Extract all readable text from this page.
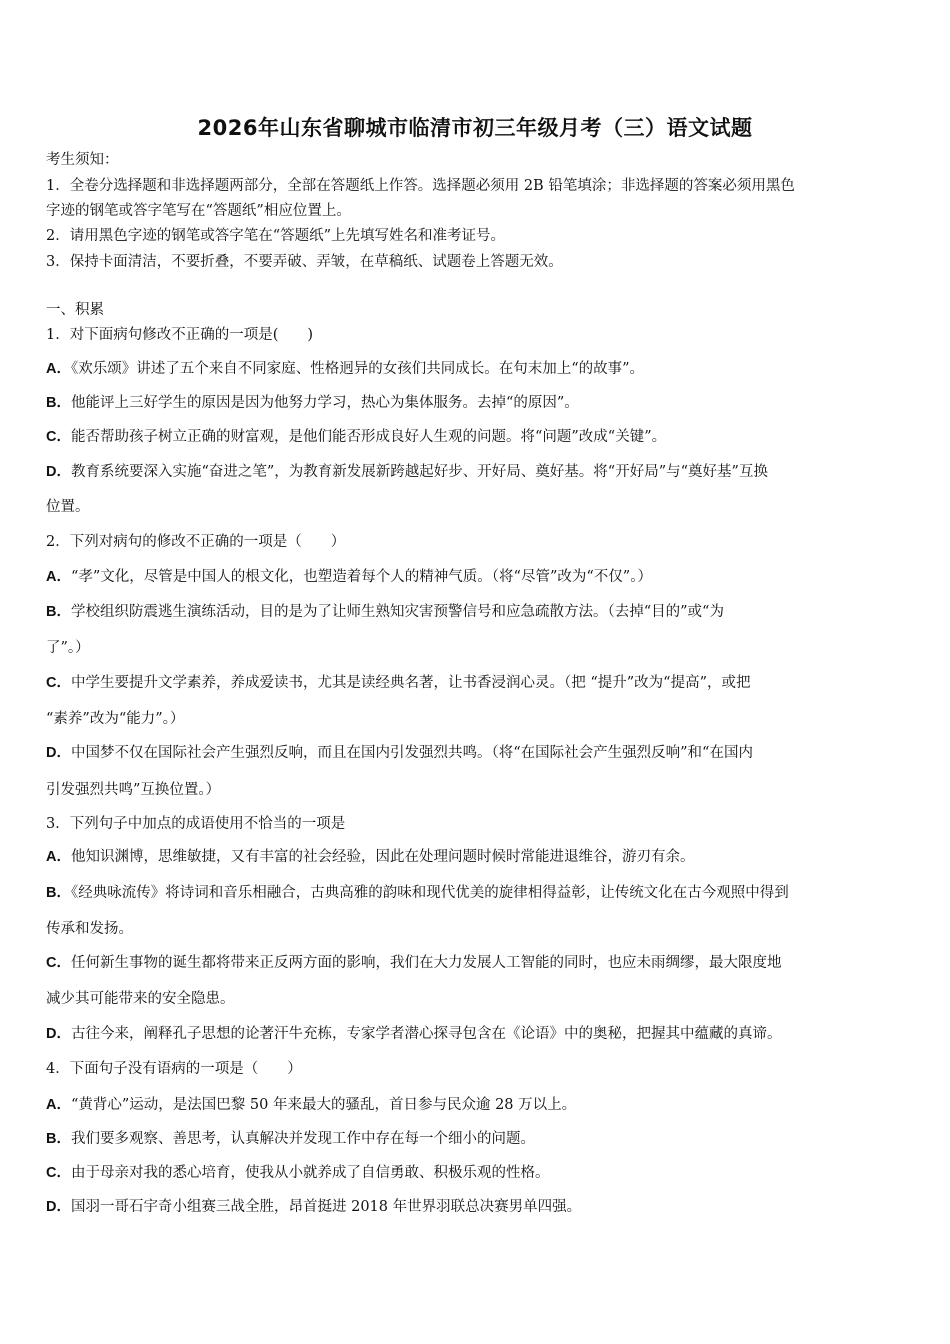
2026年山东省聊城市临清市初三年级月考（三）语文试题
考生须知：
1．全卷分选择题和非选择题两部分，全部在答题纸上作答。选择题必须用 2B 铅笔填涂；非选择题的答案必须用黑色
字迹的钢笔或答字笔写在“答题纸”相应位置上。
2．请用黑色字迹的钢笔或答字笔在“答题纸”上先填写姓名和准考证号。
3．保持卡面清洁，不要折叠，不要弄破、弄皱，在草稿纸、试题卷上答题无效。
一、积累
1．对下面病句修改不正确的一项是(　　)
A．《欢乐颂》讲述了五个来自不同家庭、性格迥异的女孩们共同成长。在句末加上“的故事”。
B．他能评上三好学生的原因是因为他努力学习，热心为集体服务。去掉“的原因”。
C．能否帮助孩子树立正确的财富观，是他们能否形成良好人生观的问题。将“问题”改成“关键”。
D．教育系统要深入实施“奋进之笔”，为教育新发展新跨越起好步、开好局、奠好基。将“开好局”与“奠好基”互换
位置。
2．下列对病句的修改不正确的一项是（　　）
A．“孝”文化，尽管是中国人的根文化，也塑造着每个人的精神气质。（将“尽管”改为“不仅”。）
B．学校组织防震逃生演练活动，目的是为了让师生熟知灾害预警信号和应急疏散方法。（去掉“目的”或“为
了”。）
C．中学生要提升文学素养，养成爱读书，尤其是读经典名著，让书香浸润心灵。（把 “提升”改为“提高”，或把
“素养”改为“能力”。）
D．中国梦不仅在国际社会产生强烈反响，而且在国内引发强烈共鸣。（将“在国际社会产生强烈反响”和“在国内
引发强烈共鸣”互换位置。）
3．下列句子中加点的成语使用不恰当的一项是
A．他知识渊博，思维敏捷，又有丰富的社会经验，因此在处理问题时候时常能进退维谷，游刃有余。
B．《经典咏流传》将诗词和音乐相融合，古典高雅的韵味和现代优美的旋律相得益彰，让传统文化在古今观照中得到
传承和发扬。
C．任何新生事物的诞生都将带来正反两方面的影响，我们在大力发展人工智能的同时，也应未雨绸缪，最大限度地
减少其可能带来的安全隐患。
D．古往今来，阐释孔子思想的论著汗牛充栋，专家学者潜心探寻包含在《论语》中的奥秘，把握其中蕴藏的真谛。
4．下面句子没有语病的一项是（　　）
A．“黄背心”运动，是法国巴黎 50 年来最大的骚乱，首日参与民众逾 28 万以上。
B．我们要多观察、善思考，认真解决并发现工作中存在每一个细小的问题。
C．由于母亲对我的悉心培育，使我从小就养成了自信勇敢、积极乐观的性格。
D．国羽一哥石宇奇小组赛三战全胜，昂首挺进 2018 年世界羽联总决赛男单四强。
